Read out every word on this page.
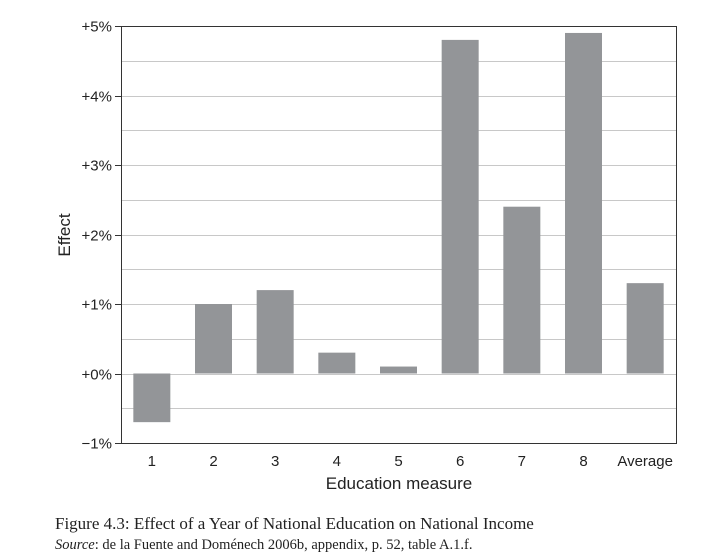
1	2	3	4	5	6	7	8 Average
+5%
+4%
+3%
+2%
+1%
+0%
−1%
Education measure
Effect
Figure 4.3: Effect of a Year of National Education on National Income
Source: de la Fuente and Doménech 2006b, appendix, p. 52, table A.1.f.
